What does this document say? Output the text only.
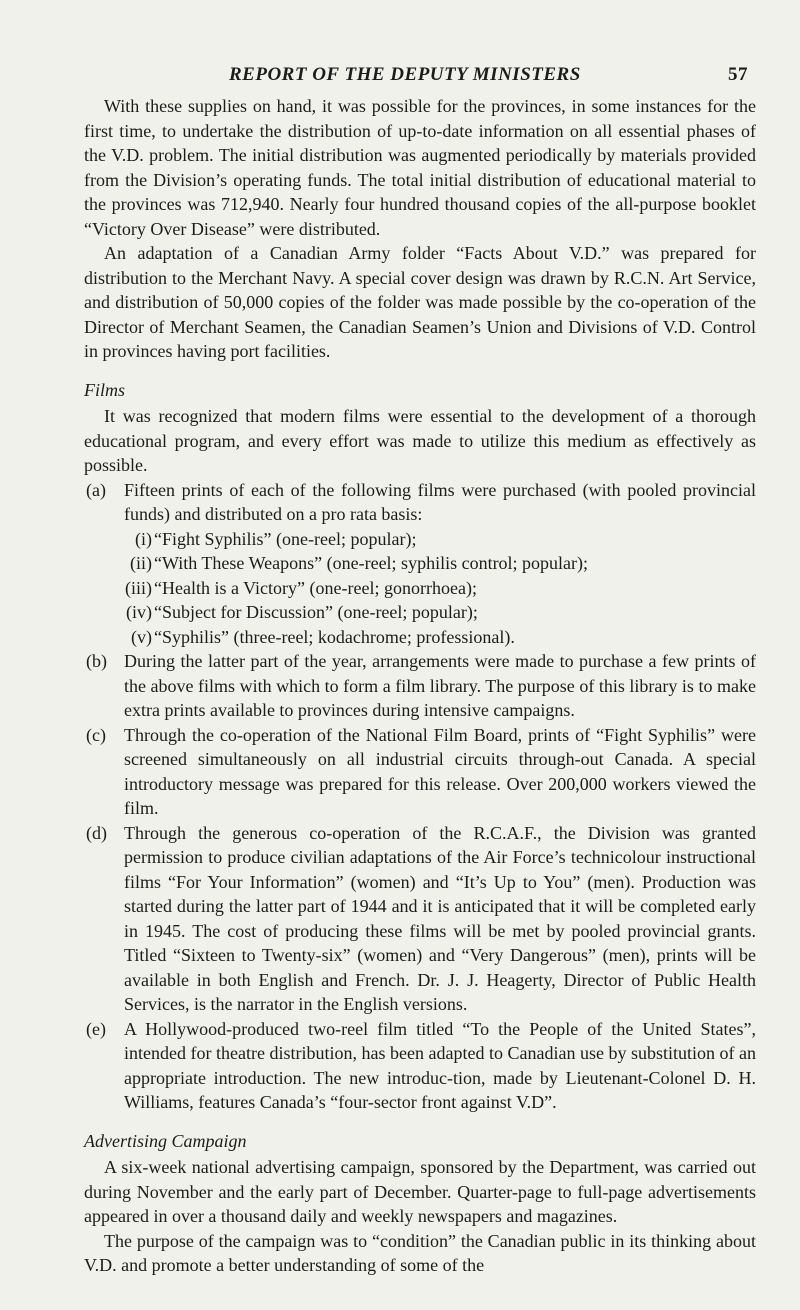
REPORT OF THE DEPUTY MINISTERS	57

With these supplies on hand, it was possible for the provinces, in some instances for the first time, to undertake the distribution of up-to-date information on all essential phases of the V.D. problem. The initial distribution was augmented periodically by materials provided from the Division’s operating funds. The total initial distribution of educational material to the provinces was 712,940. Nearly four hundred thousand copies of the all-purpose booklet “Victory Over Disease” were distributed.

An adaptation of a Canadian Army folder “Facts About V.D.” was prepared for distribution to the Merchant Navy. A special cover design was drawn by R.C.N. Art Service, and distribution of 50,000 copies of the folder was made possible by the co-operation of the Director of Merchant Seamen, the Canadian Seamen’s Union and Divisions of V.D. Control in provinces having port facilities.

Films

It was recognized that modern films were essential to the development of a thorough educational program, and every effort was made to utilize this medium as effectively as possible.

(a) Fifteen prints of each of the following films were purchased (with pooled provincial funds) and distributed on a pro rata basis:
(i) “Fight Syphilis” (one-reel; popular);
(ii) “With These Weapons” (one-reel; syphilis control; popular);
(iii) “Health is a Victory” (one-reel; gonorrhoea);
(iv) “Subject for Discussion” (one-reel; popular);
(v) “Syphilis” (three-reel; kodachrome; professional).
(b) During the latter part of the year, arrangements were made to purchase a few prints of the above films with which to form a film library. The purpose of this library is to make extra prints available to provinces during intensive campaigns.
(c) Through the co-operation of the National Film Board, prints of “Fight Syphilis” were screened simultaneously on all industrial circuits through-out Canada. A special introductory message was prepared for this release. Over 200,000 workers viewed the film.
(d) Through the generous co-operation of the R.C.A.F., the Division was granted permission to produce civilian adaptations of the Air Force’s technicolour instructional films “For Your Information” (women) and “It’s Up to You” (men). Production was started during the latter part of 1944 and it is anticipated that it will be completed early in 1945. The cost of producing these films will be met by pooled provincial grants. Titled “Sixteen to Twenty-six” (women) and “Very Dangerous” (men), prints will be available in both English and French. Dr. J. J. Heagerty, Director of Public Health Services, is the narrator in the English versions.
(e) A Hollywood-produced two-reel film titled “To the People of the United States”, intended for theatre distribution, has been adapted to Canadian use by substitution of an appropriate introduction. The new introduc-tion, made by Lieutenant-Colonel D. H. Williams, features Canada’s “four-sector front against V.D”.
Advertising Campaign

A six-week national advertising campaign, sponsored by the Department, was carried out during November and the early part of December. Quarter-page to full-page advertisements appeared in over a thousand daily and weekly newspapers and magazines.

The purpose of the campaign was to “condition” the Canadian public in its thinking about V.D. and promote a better understanding of some of the
